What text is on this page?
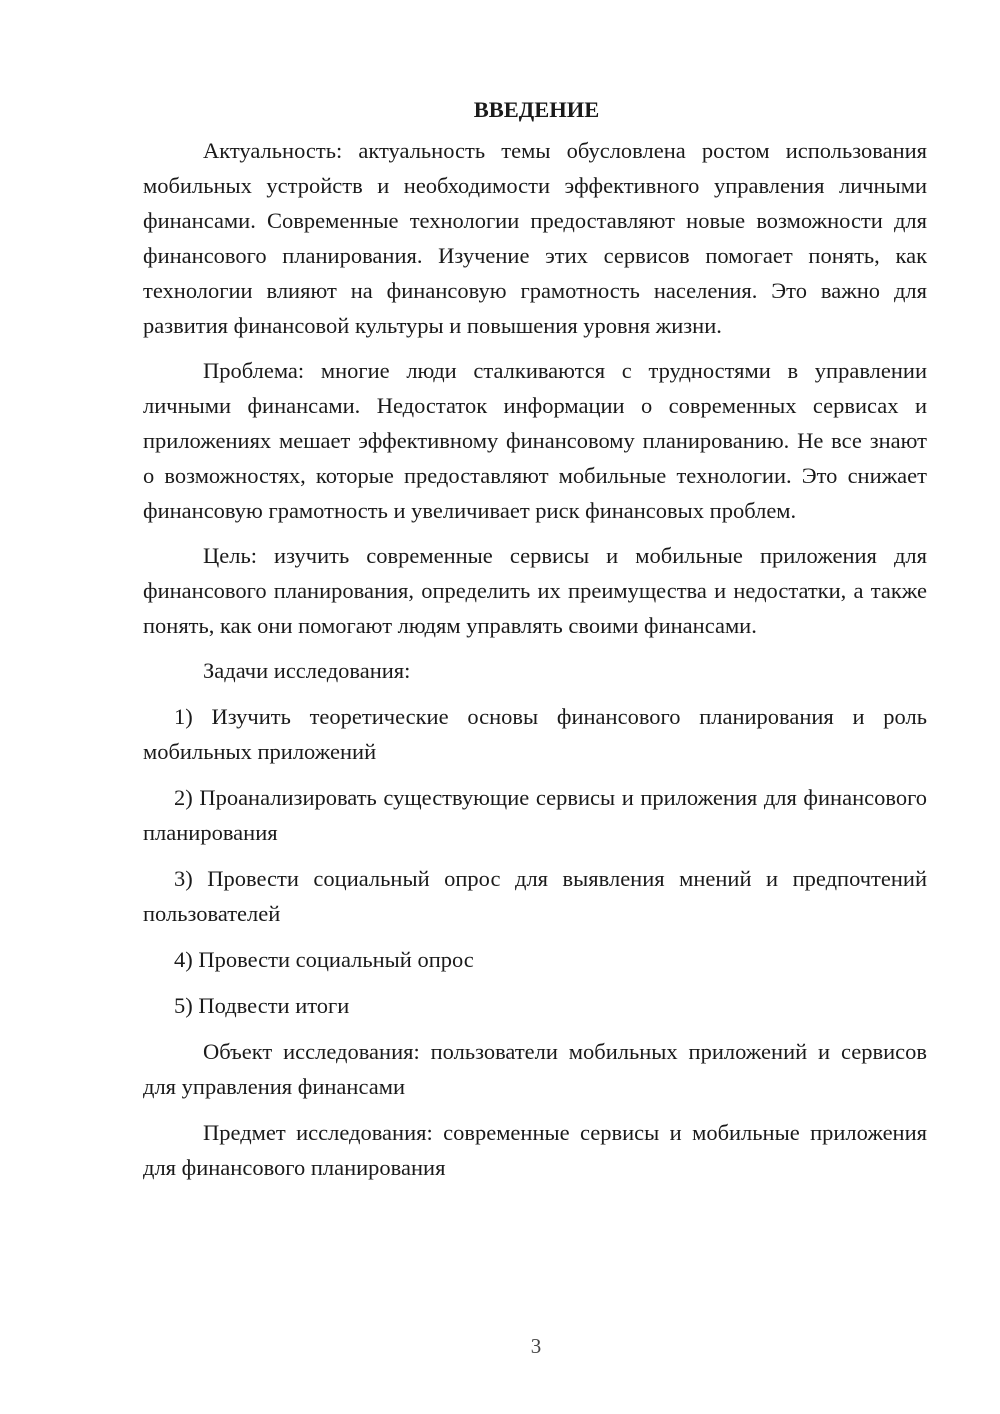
ВВЕДЕНИЕ

Актуальность: актуальность темы обусловлена ростом использования мобильных устройств и необходимости эффективного управления личными финансами. Современные технологии предоставляют новые возможности для финансового планирования. Изучение этих сервисов помогает понять, как технологии влияют на финансовую грамотность населения. Это важно для развития финансовой культуры и повышения уровня жизни.

Проблема: многие люди сталкиваются с трудностями в управлении личными финансами. Недостаток информации о современных сервисах и приложениях мешает эффективному финансовому планированию. Не все знают о возможностях, которые предоставляют мобильные технологии. Это снижает финансовую грамотность и увеличивает риск финансовых проблем.

Цель: изучить современные сервисы и мобильные приложения для финансового планирования, определить их преимущества и недостатки, а также понять, как они помогают людям управлять своими финансами.

Задачи исследования:

1) Изучить теоретические основы финансового планирования и роль мобильных приложений

2) Проанализировать существующие сервисы и приложения для финансового планирования

3) Провести социальный опрос для выявления мнений и предпочтений пользователей

4) Провести социальный опрос

5) Подвести итоги

Объект исследования: пользователи мобильных приложений и сервисов для управления финансами

Предмет исследования: современные сервисы и мобильные приложения для финансового планирования

3
